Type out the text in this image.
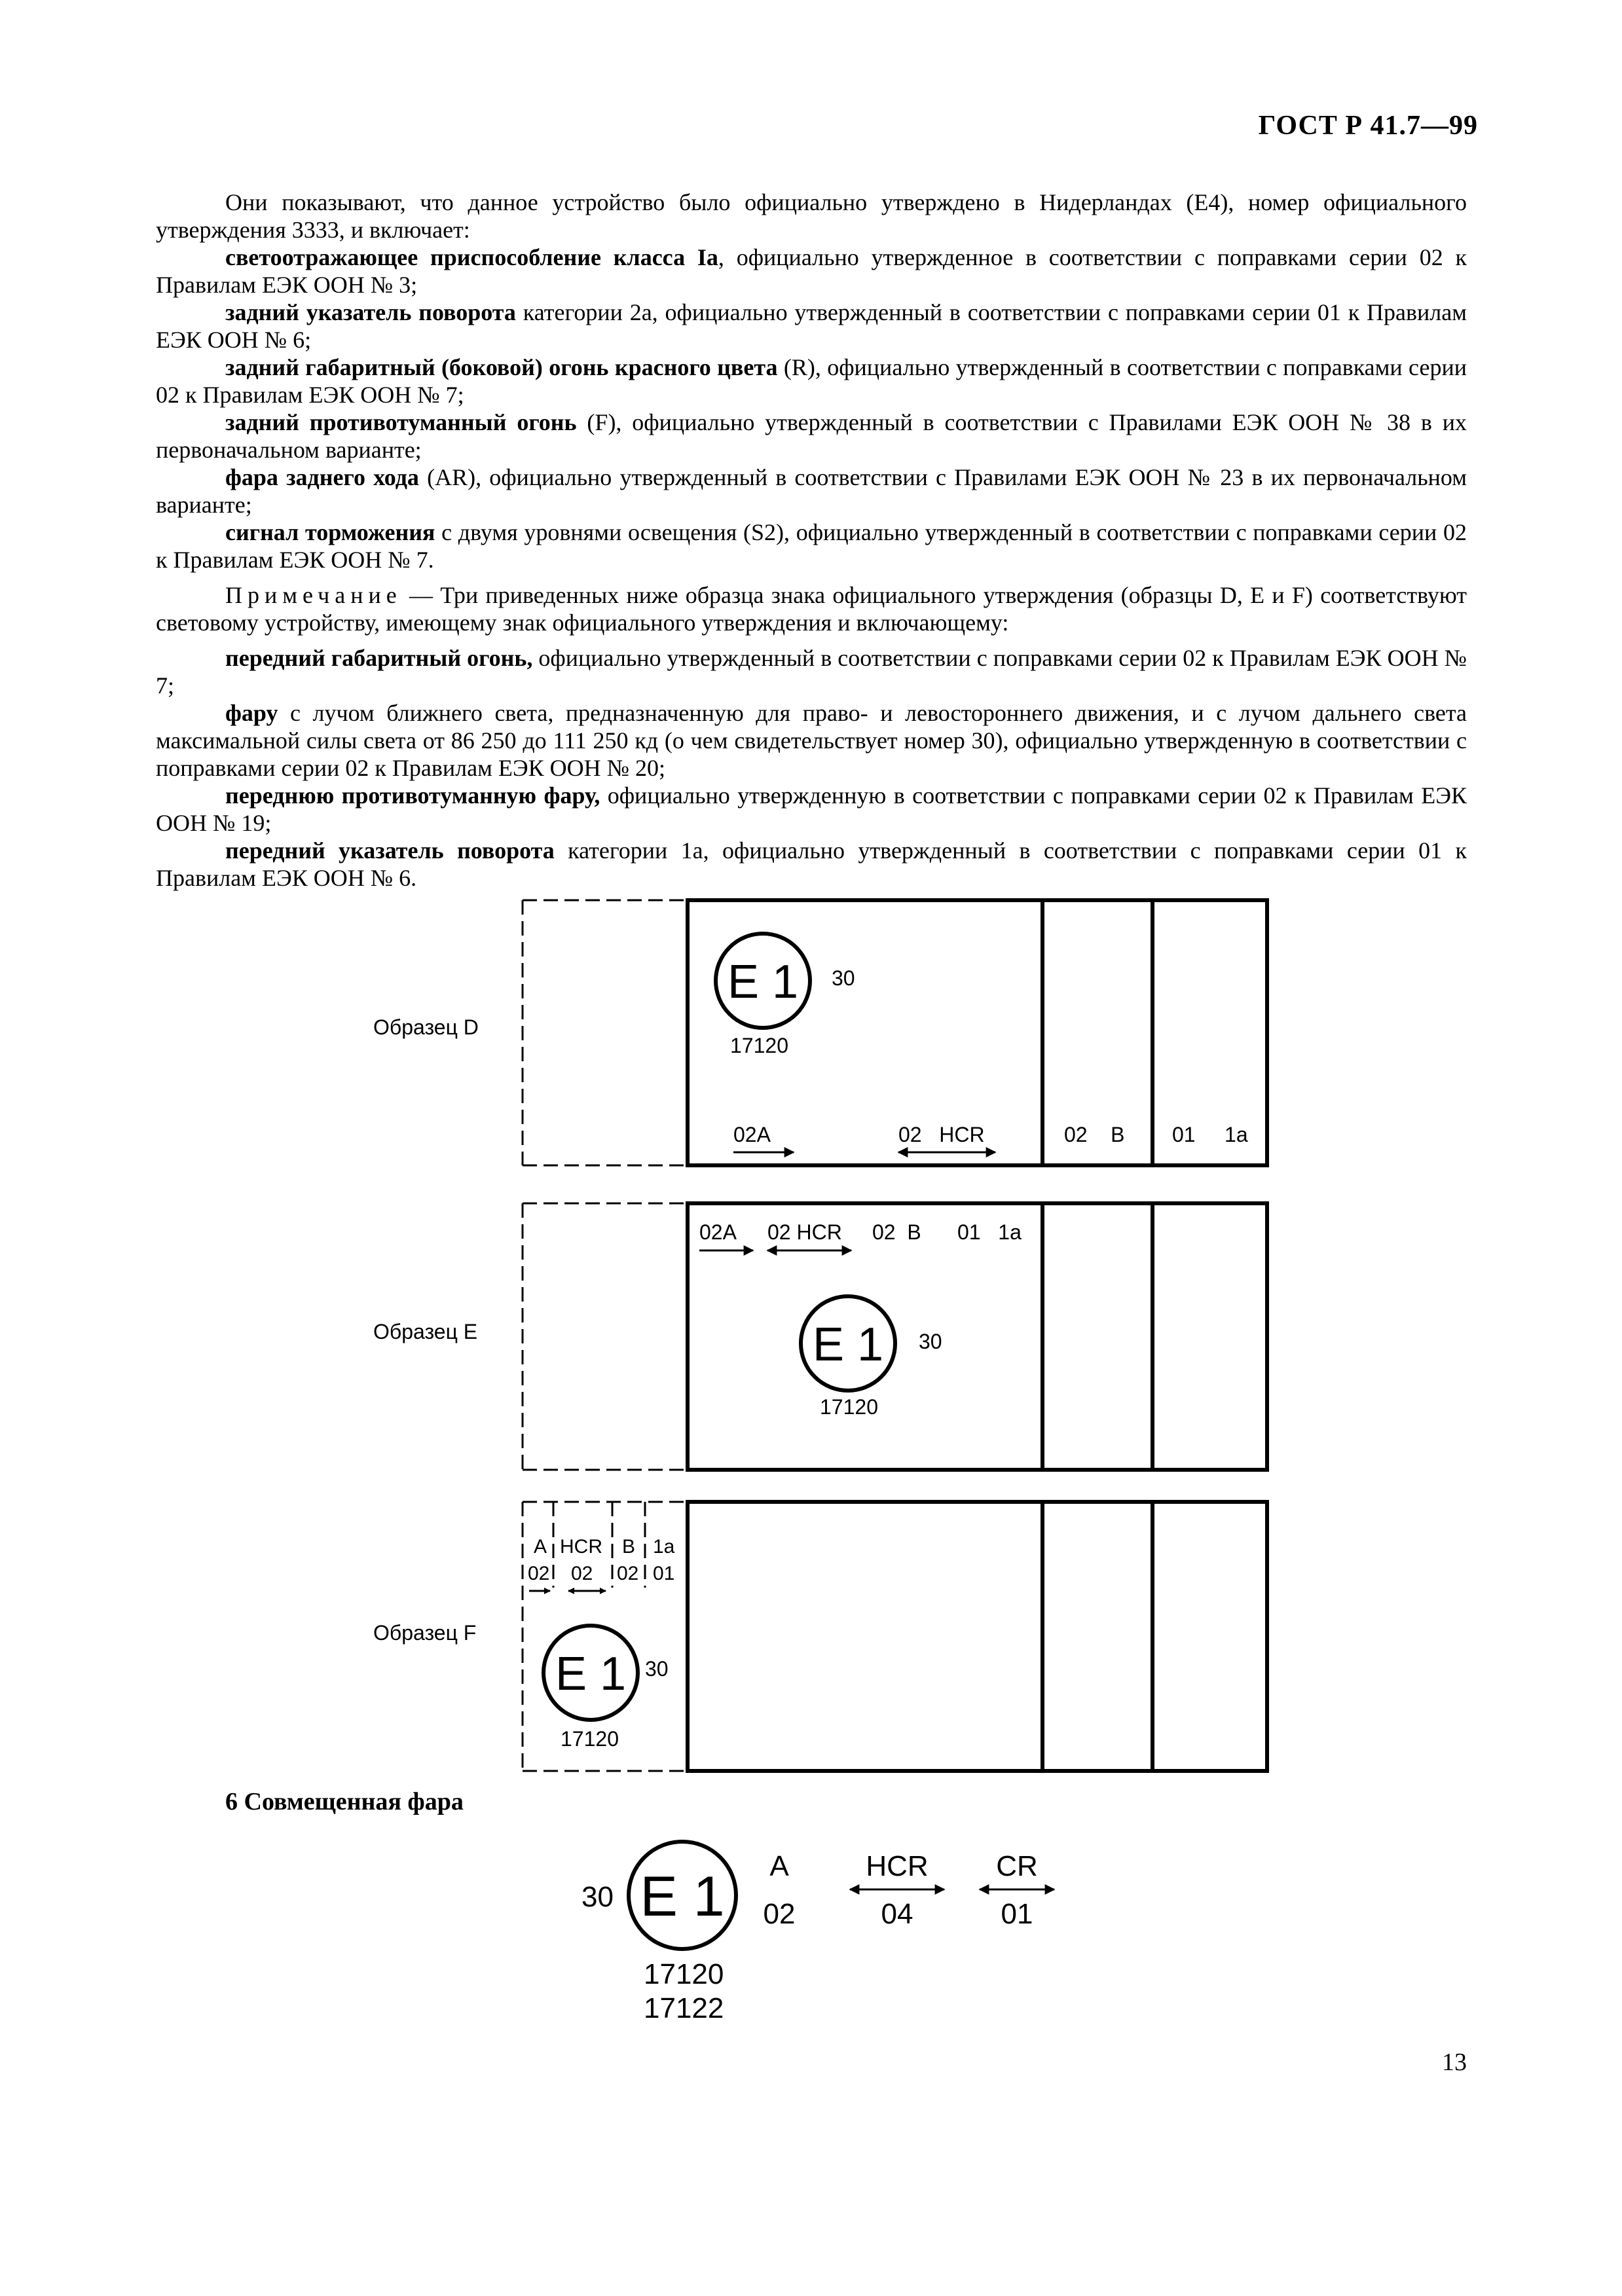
ГОСТ Р 41.7—99

Они показывают, что данное устройство было официально утверждено в Нидерландах (Е4), номер официального утверждения 3333, и включает:

светоотражающее приспособление класса Iа, официально утвержденное в соответствии с поправками серии 02 к Правилам ЕЭК ООН № 3;

задний указатель поворота категории 2а, официально утвержденный в соответствии с поправками серии 01 к Правилам ЕЭК ООН № 6;

задний габаритный (боковой) огонь красного цвета (R), официально утвержденный в соответствии с поправками серии 02 к Правилам ЕЭК ООН № 7;

задний противотуманный огонь (F), официально утвержденный в соответствии с Правилами ЕЭК ООН № 38 в их первоначальном варианте;

фара заднего хода (АR), официально утвержденный в соответствии с Правилами ЕЭК ООН № 23 в их первоначальном варианте;

сигнал торможения с двумя уровнями освещения (S2), официально утвержденный в соответствии с поправками серии 02 к Правилам ЕЭК ООН № 7.

Примечание — Три приведенных ниже образца знака официального утверждения (образцы D, E и F) соответствуют световому устройству, имеющему знак официального утверждения и включающему:

передний габаритный огонь, официально утвержденный в соответствии с поправками серии 02 к Правилам ЕЭК ООН № 7;

фару с лучом ближнего света, предназначенную для право- и левостороннего движения, и с лучом дальнего света максимальной силы света от 86 250 до 111 250 кд (о чем свидетельствует номер 30), официально утвержденную в соответствии с поправками серии 02 к Правилам ЕЭК ООН № 20;

переднюю противотуманную фару, официально утвержденную в соответствии с поправками серии 02 к Правилам ЕЭК ООН № 19;

передний указатель поворота категории 1а, официально утвержденный в соответствии с поправками серии 01 к Правилам ЕЭК ООН № 6.

Образец D
E 1 30
17120
02A	02   HCR	02    B 01     1a
Образец E
02A 02 HCR 02  B 01   1a
E 1 30
17120
Образец F
A HCR B 1a
02 02 02 01
E 1 30
17120
30 E 1
17120
17122
A
02
HCR
04
CR
01
6 Совмещенная фара
13
